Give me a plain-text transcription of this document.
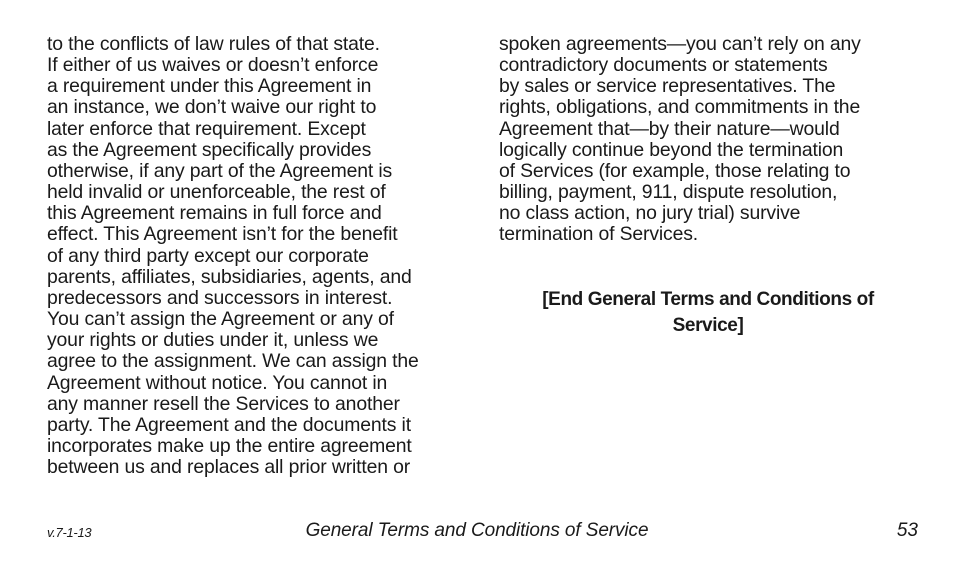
to the conflicts of law rules of that state.
If either of us waives or doesn’t enforce
a requirement under this Agreement in
an instance, we don’t waive our right to
later enforce that requirement. Except
as the Agreement specifically provides
otherwise, if any part of the Agreement is
held invalid or unenforceable, the rest of
this Agreement remains in full force and
effect. This Agreement isn’t for the benefit
of any third party except our corporate
parents, affiliates, subsidiaries, agents, and
predecessors and successors in interest.
You can’t assign the Agreement or any of
your rights or duties under it, unless we
agree to the assignment. We can assign the
Agreement without notice. You cannot in
any manner resell the Services to another
party. The Agreement and the documents it
incorporates make up the entire agreement
between us and replaces all prior written or
spoken agreements—you can’t rely on any
contradictory documents or statements
by sales or service representatives. The
rights, obligations, and commitments in the
Agreement that—by their nature—would
logically continue beyond the termination
of Services (for example, those relating to
billing, payment, 911, dispute resolution,
no class action, no jury trial) survive
termination of Services.
[End General Terms and Conditions of
Service]
v.7-1-13	General Terms and Conditions of Service	53
